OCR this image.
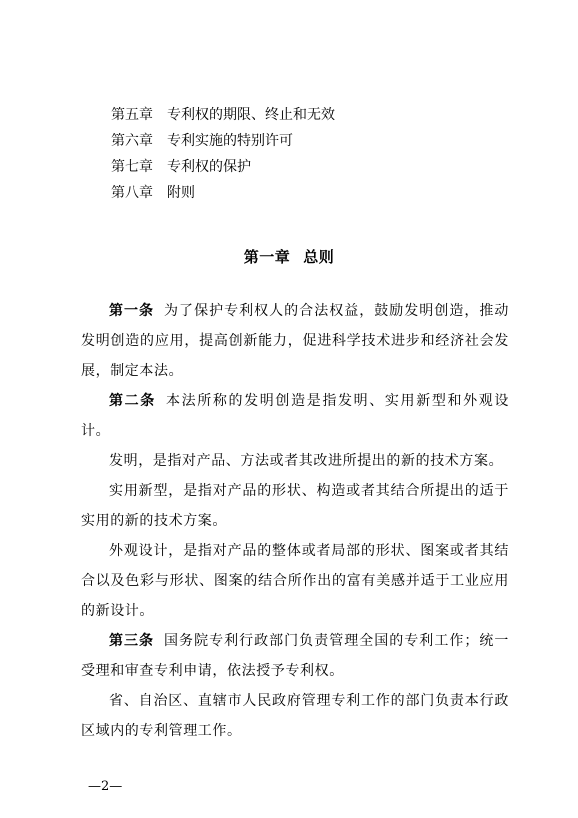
第五章 专利权的期限、终止和无效
第六章 专利实施的特别许可
第七章 专利权的保护
第八章 附则
第一章 总则

第一条 为了保护专利权人的合法权益，鼓励发明创造，推动发明创造的应用，提高创新能力，促进科学技术进步和经济社会发展，制定本法。

第二条 本法所称的发明创造是指发明、实用新型和外观设计。

发明，是指对产品、方法或者其改进所提出的新的技术方案。

实用新型，是指对产品的形状、构造或者其结合所提出的适于实用的新的技术方案。

外观设计，是指对产品的整体或者局部的形状、图案或者其结合以及色彩与形状、图案的结合所作出的富有美感并适于工业应用的新设计。

第三条 国务院专利行政部门负责管理全国的专利工作；统一受理和审查专利申请，依法授予专利权。

省、自治区、直辖市人民政府管理专利工作的部门负责本行政区域内的专利管理工作。

—2—
